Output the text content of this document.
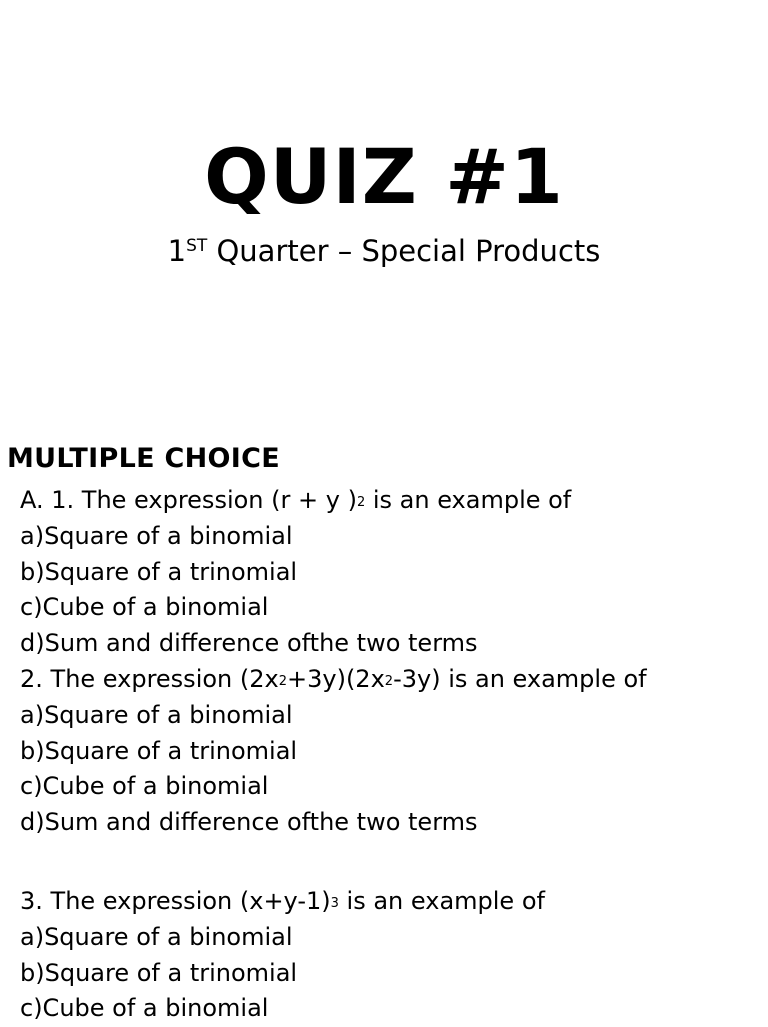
QUIZ #1
1ST Quarter – Special Products
MULTIPLE CHOICE
A. 1. The expression (r + y )2 is an example of
a)Square of a binomial
b)Square of a trinomial
c)Cube of a binomial
d)Sum and difference ofthe two terms
2. The expression (2x2+3y)(2x2-3y) is an example of
a)Square of a binomial
b)Square of a trinomial
c)Cube of a binomial
d)Sum and difference ofthe two terms
3. The expression (x+y-1)3 is an example of
a)Square of a binomial
b)Square of a trinomial
c)Cube of a binomial
